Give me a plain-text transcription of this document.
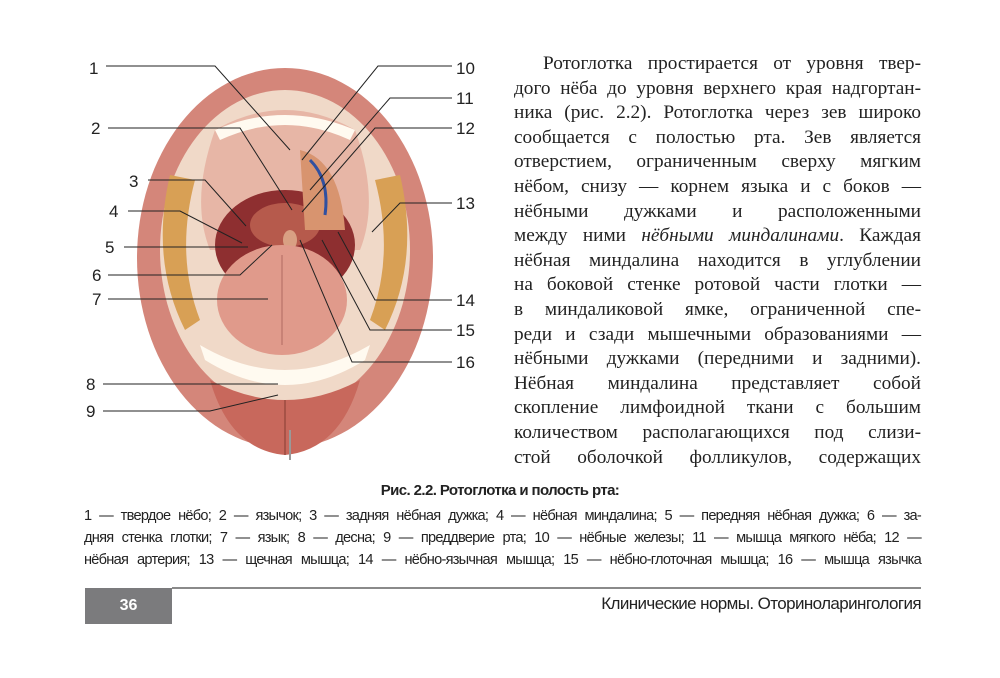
1
2
3
4
5
6
7
8
9
10
11
12
13
14
15
16
Ротоглотка простирается от уровня твер-
дого нёба до уровня верхнего края надгортан-
ника (рис. 2.2). Ротоглотка через зев широко
сообщается с полостью рта. Зев является
отверстием, ограниченным сверху мягким
нёбом, снизу — корнем языка и с боков —
нёбными дужками и расположенными
между ними нёбными миндалинами. Каждая
нёбная миндалина находится в углублении
на боковой стенке ротовой части глотки —
в миндаликовой ямке, ограниченной спе-
реди и сзади мышечными образованиями —
нёбными дужками (передними и задними).
Нёбная миндалина представляет собой
скопление лимфоидной ткани с большим
количеством располагающихся под слизи-
стой оболочкой фолликулов, содержащих
Рис. 2.2. Ротоглотка и полость рта:
1 — твердое нёбо; 2 — язычок; 3 — задняя нёбная дужка; 4 — нёбная миндалина; 5 — передняя нёбная дужка; 6 — за-
дняя стенка глотки; 7 — язык; 8 — десна; 9 — преддверие рта; 10 — нёбные железы; 11 — мышца мягкого нёба; 12 —
нёбная артерия; 13 — щечная мышца; 14 — нёбно-язычная мышца; 15 — нёбно-глоточная мышца; 16 — мышца язычка
36	Клинические нормы. Оториноларингология
